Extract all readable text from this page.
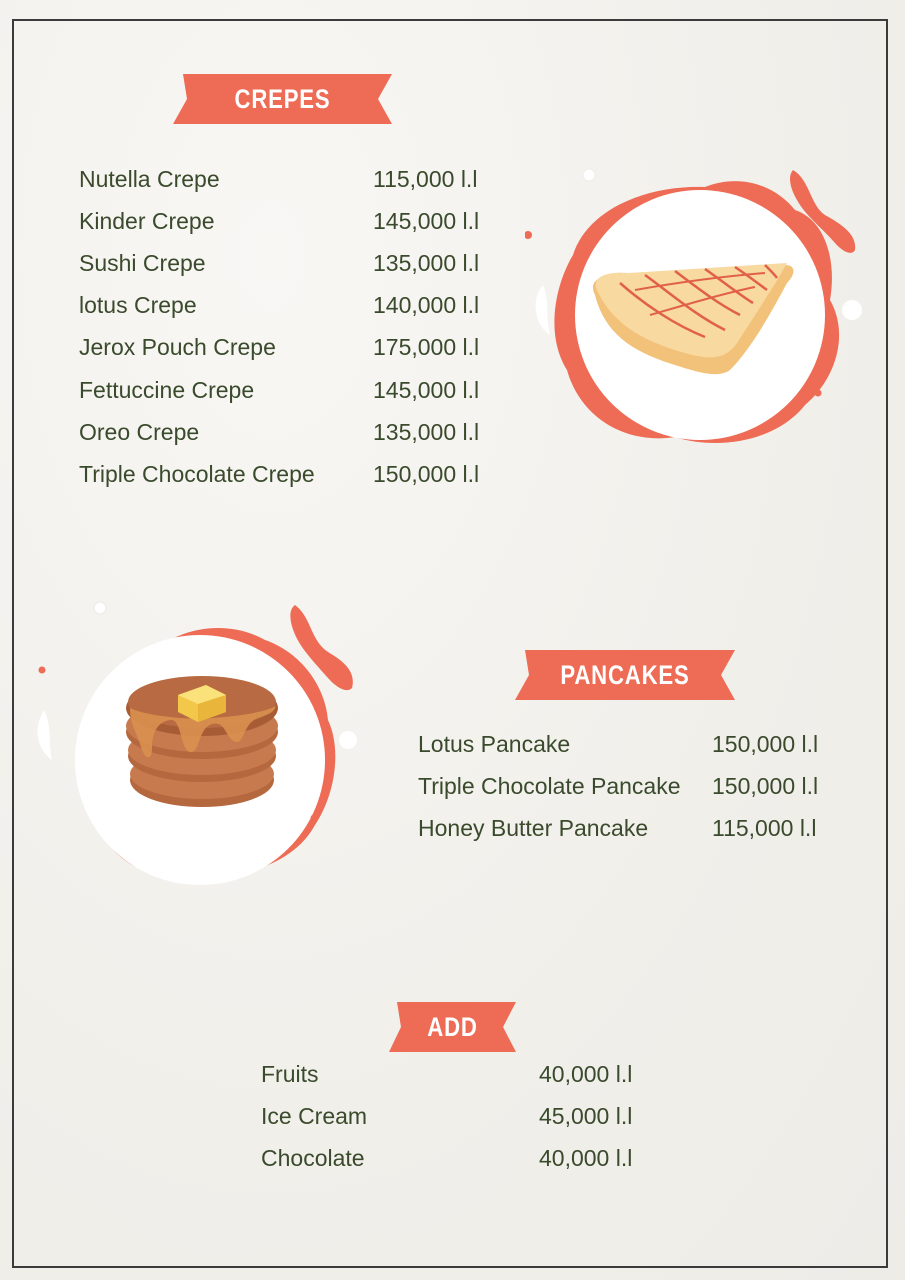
CREPES
Nutella Crepe	115,000 l.l
Kinder Crepe	145,000 l.l
Sushi Crepe	135,000 l.l
lotus Crepe	140,000 l.l
Jerox Pouch Crepe	175,000 l.l
Fettuccine Crepe	145,000 l.l
Oreo Crepe	135,000 l.l
Triple Chocolate Crepe	150,000 l.l
PANCAKES
Lotus Pancake	150,000 l.l
Triple Chocolate Pancake 150,000 l.l
Honey Butter Pancake	115,000 l.l
ADD
Fruits	40,000 l.l
Ice Cream	45,000 l.l
Chocolate	40,000 l.l
